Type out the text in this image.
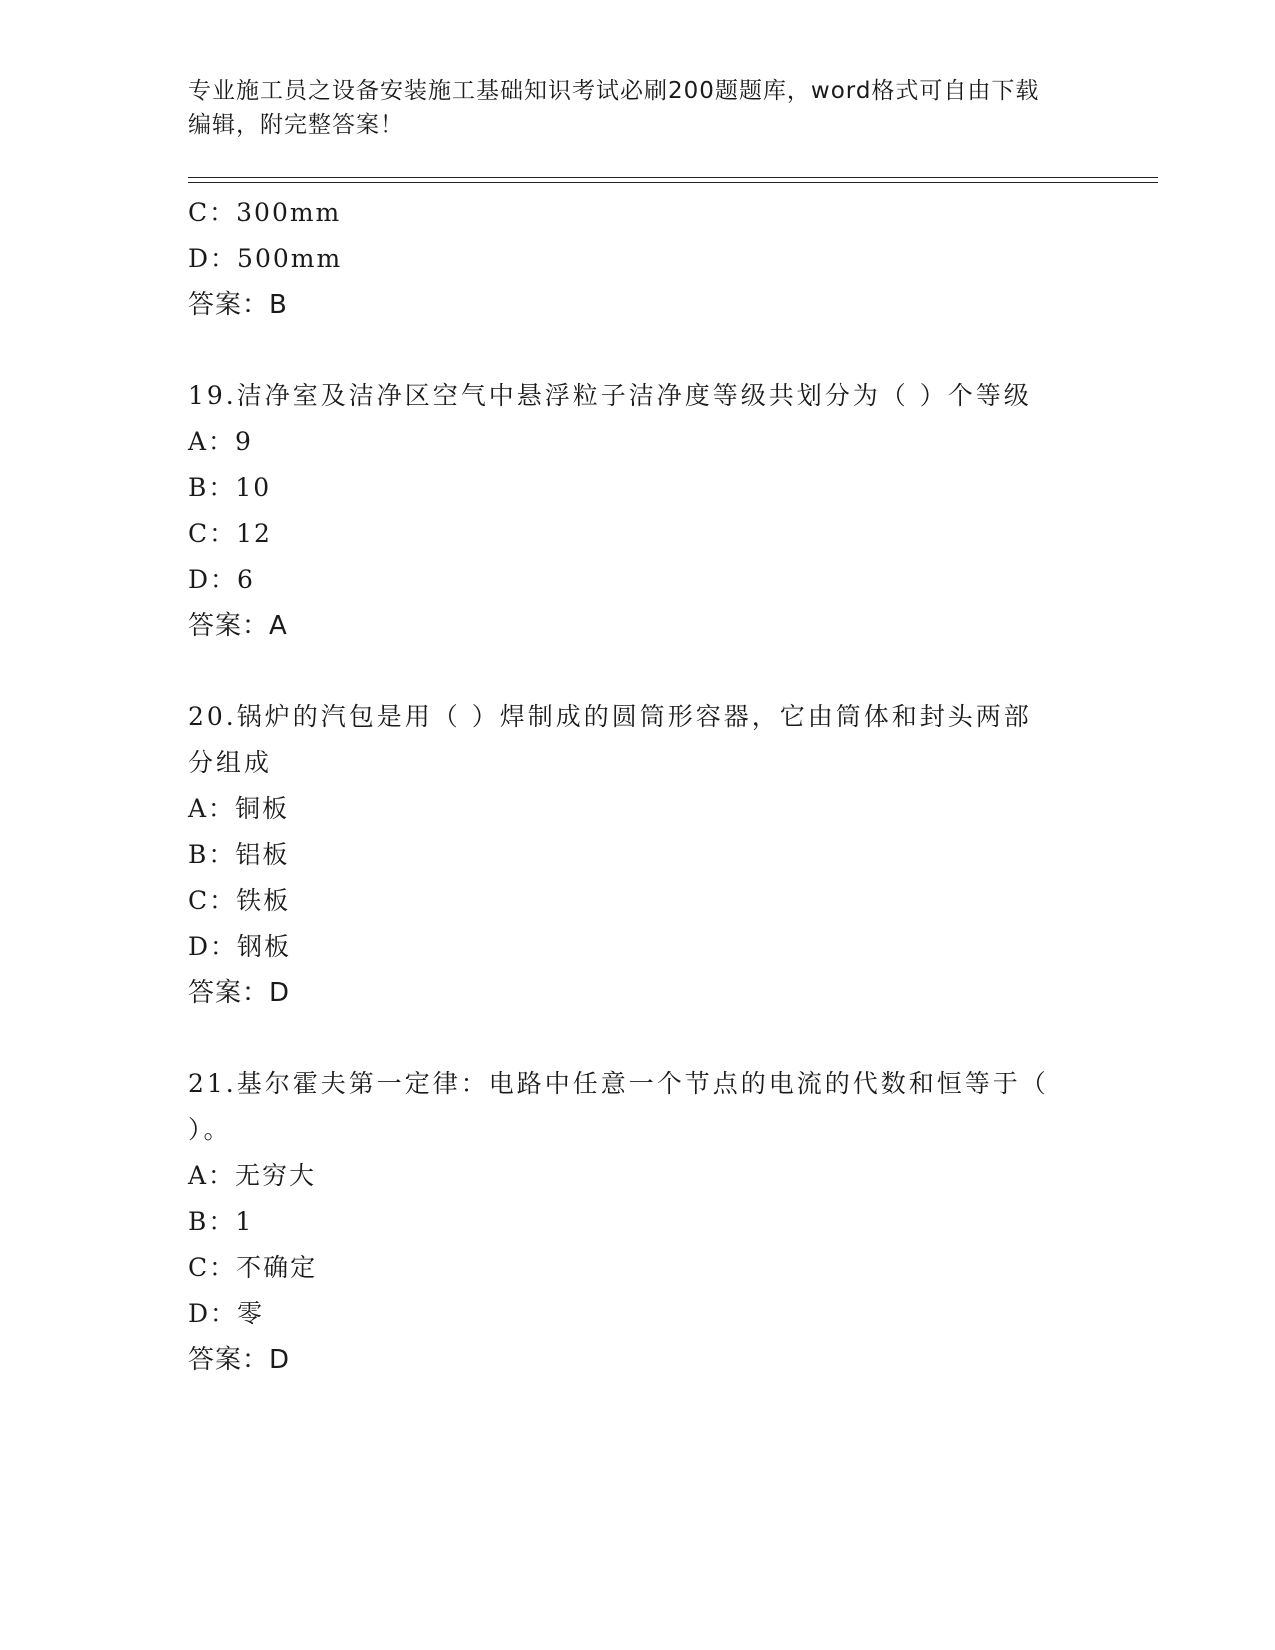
专业施工员之设备安装施工基础知识考试必刷200题题库，word格式可自由下载
编辑，附完整答案！
C：300mm
D：500mm
答案：B
19.洁净室及洁净区空气中悬浮粒子洁净度等级共划分为（ ）个等级
A：9
B：10
C：12
D：6
答案：A
20.锅炉的汽包是用（ ）焊制成的圆筒形容器，它由筒体和封头两部
分组成
A：铜板
B：铝板
C：铁板
D：钢板
答案：D
21.基尔霍夫第一定律：电路中任意一个节点的电流的代数和恒等于（
）。
A：无穷大
B：1
C：不确定
D：零
答案：D
